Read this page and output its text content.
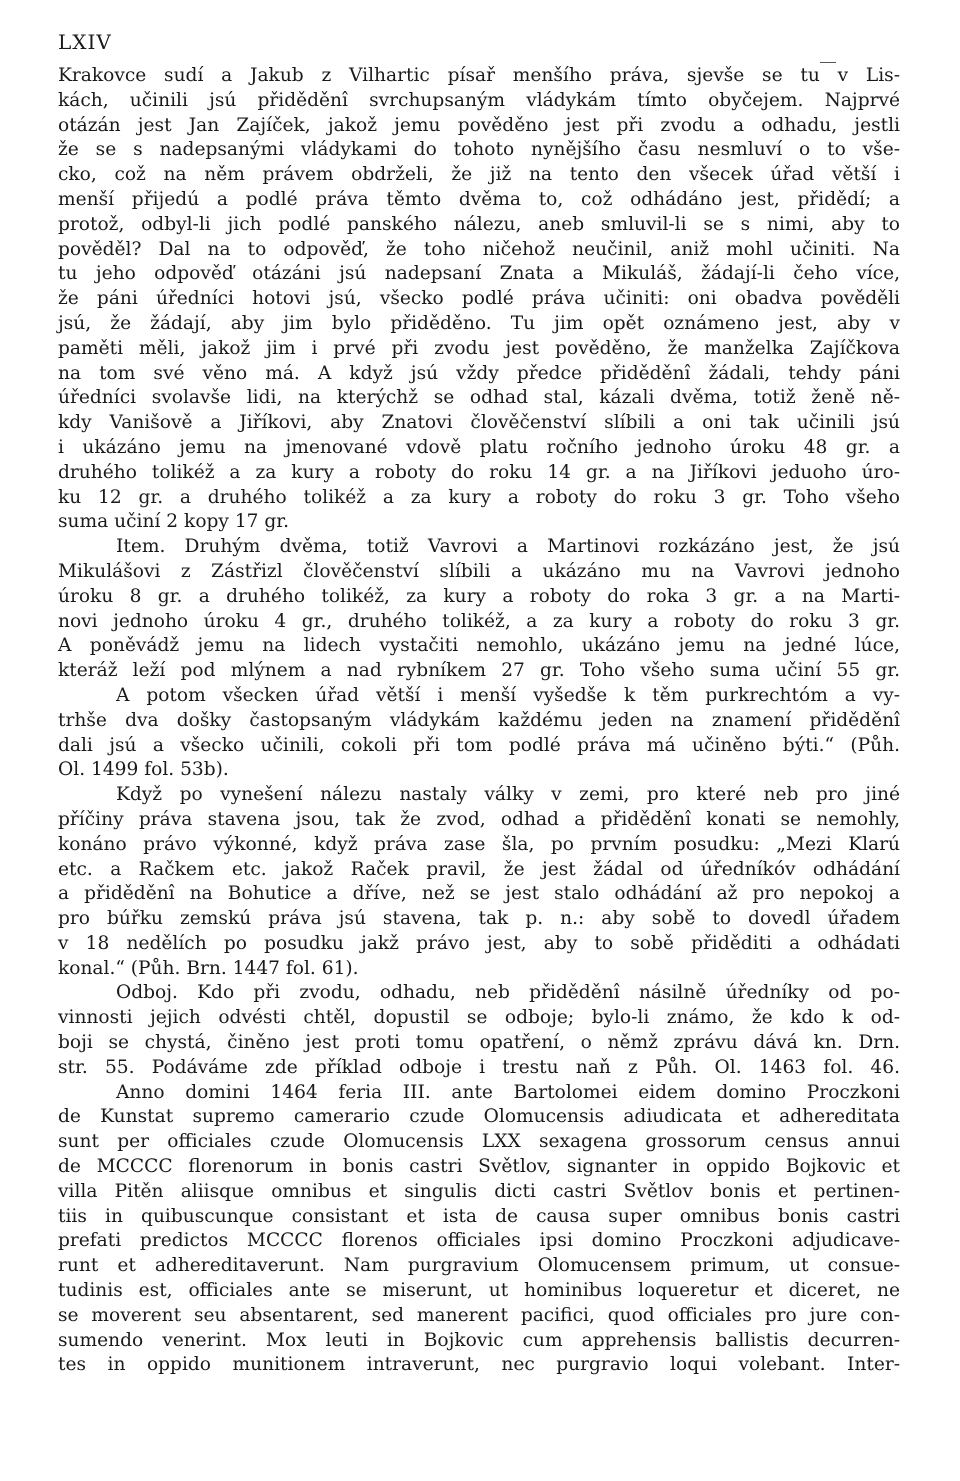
LXIV
Krakovce sudí a Jakub z Vilhartic písař menšího práva, sjevše se tu v Lis-
kách, učinili jsú přiděděnî svrchupsaným vládykám tímto obyčejem. Najprvé
otázán jest Jan Zajíček, jakož jemu pověděno jest při zvodu a odhadu, jestli
že se s nadepsanými vládykami do tohoto nynějšího času nesmluví o to vše-
cko, což na něm právem obdrželi, že již na tento den všecek úřad větší i
menší přijedú a podlé práva těmto dvěma to, což odhádáno jest, přidědí; a
protož, odbyl-li jich podlé panského nálezu, aneb smluvil-li se s nimi, aby to
pověděl? Dal na to odpověď, že toho ničehož neučinil, aniž mohl učiniti. Na
tu jeho odpověď otázáni jsú nadepsaní Znata a Mikuláš, žádají-li čeho více,
že páni úředníci hotovi jsú, všecko podlé práva učiniti: oni obadva pověděli
jsú, že žádají, aby jim bylo přiděděno. Tu jim opět oznámeno jest, aby v
paměti měli, jakož jim i prvé při zvodu jest pověděno, že manželka Zajíčkova
na tom své věno má. A když jsú vždy předce přiděděnî žádali, tehdy páni
úředníci svolavše lidi, na kterýchž se odhad stal, kázali dvěma, totiž ženě ně-
kdy Vanišově a Jiříkovi, aby Znatovi člověčenství slíbili a oni tak učinili jsú
i ukázáno jemu na jmenované vdově platu ročního jednoho úroku 48 gr. a
druhého tolikéž a za kury a roboty do roku 14 gr. a na Jiříkovi jeduoho úro-
ku 12 gr. a druhého tolikéž a za kury a roboty do roku 3 gr. Toho všeho
suma učiní 2 kopy 17 gr.
Item. Druhým dvěma, totiž Vavrovi a Martinovi rozkázáno jest, že jsú
Mikulášovi z Zástřizl člověčenství slíbili a ukázáno mu na Vavrovi jednoho
úroku 8 gr. a druhého tolikéž, za kury a roboty do roka 3 gr. a na Marti-
novi jednoho úroku 4 gr., druhého tolikéž, a za kury a roboty do roku 3 gr.
A poněvádž jemu na lidech vystačiti nemohlo, ukázáno jemu na jedné lúce,
kteráž leží pod mlýnem a nad rybníkem 27 gr. Toho všeho suma učiní 55 gr.
A potom všecken úřad větší i menší vyšedše k těm purkrechtóm a vy-
trhše dva došky častopsaným vládykám každému jeden na znamení přiděděnî
dali jsú a všecko učinili, cokoli při tom podlé práva má učiněno býti.“ (Půh.
Ol. 1499 fol. 53b).
Když po vynešení nálezu nastaly války v zemi, pro které neb pro jiné
příčiny práva stavena jsou, tak že zvod, odhad a přiděděnî konati se nemohly,
konáno právo výkonné, když práva zase šla, po prvním posudku: „Mezi Klarú
etc. a Račkem etc. jakož Raček pravil, že jest žádal od úředníkóv odhádání
a přiděděnî na Bohutice a dříve, než se jest stalo odhádání až pro nepokoj a
pro búřku zemskú práva jsú stavena, tak p. n.: aby sobě to dovedl úřadem
v 18 nedělích po posudku jakž právo jest, aby to sobě přiděditi a odhádati
konal.“ (Půh. Brn. 1447 fol. 61).
Odboj. Kdo při zvodu, odhadu, neb přiděděnî násilně úředníky od po-
vinnosti jejich odvésti chtěl, dopustil se odboje; bylo-li známo, že kdo k od-
boji se chystá, činěno jest proti tomu opatření, o němž zprávu dává kn. Drn.
str. 55. Podáváme zde příklad odboje i trestu naň z Půh. Ol. 1463 fol. 46.
Anno domini 1464 feria III. ante Bartolomei eidem domino Proczkoni
de Kunstat supremo camerario czude Olomucensis adiudicata et adhereditata
sunt per officiales czude Olomucensis LXX sexagena grossorum census annui
de MCCCC florenorum in bonis castri Světlov, signanter in oppido Bojkovic et
villa Pitěn aliisque omnibus et singulis dicti castri Světlov bonis et pertinen-
tiis in quibuscunque consistant et ista de causa super omnibus bonis castri
prefati predictos MCCCC florenos officiales ipsi domino Proczkoni adjudicave-
runt et adhereditaverunt. Nam purgravium Olomucensem primum, ut consue-
tudinis est, officiales ante se miserunt, ut hominibus loqueretur et diceret, ne
se moverent seu absentarent, sed manerent pacifici, quod officiales pro jure con-
sumendo venerint. Mox leuti in Bojkovic cum apprehensis ballistis decurren-
tes in oppido munitionem intraverunt, nec purgravio loqui volebant. Inter-
